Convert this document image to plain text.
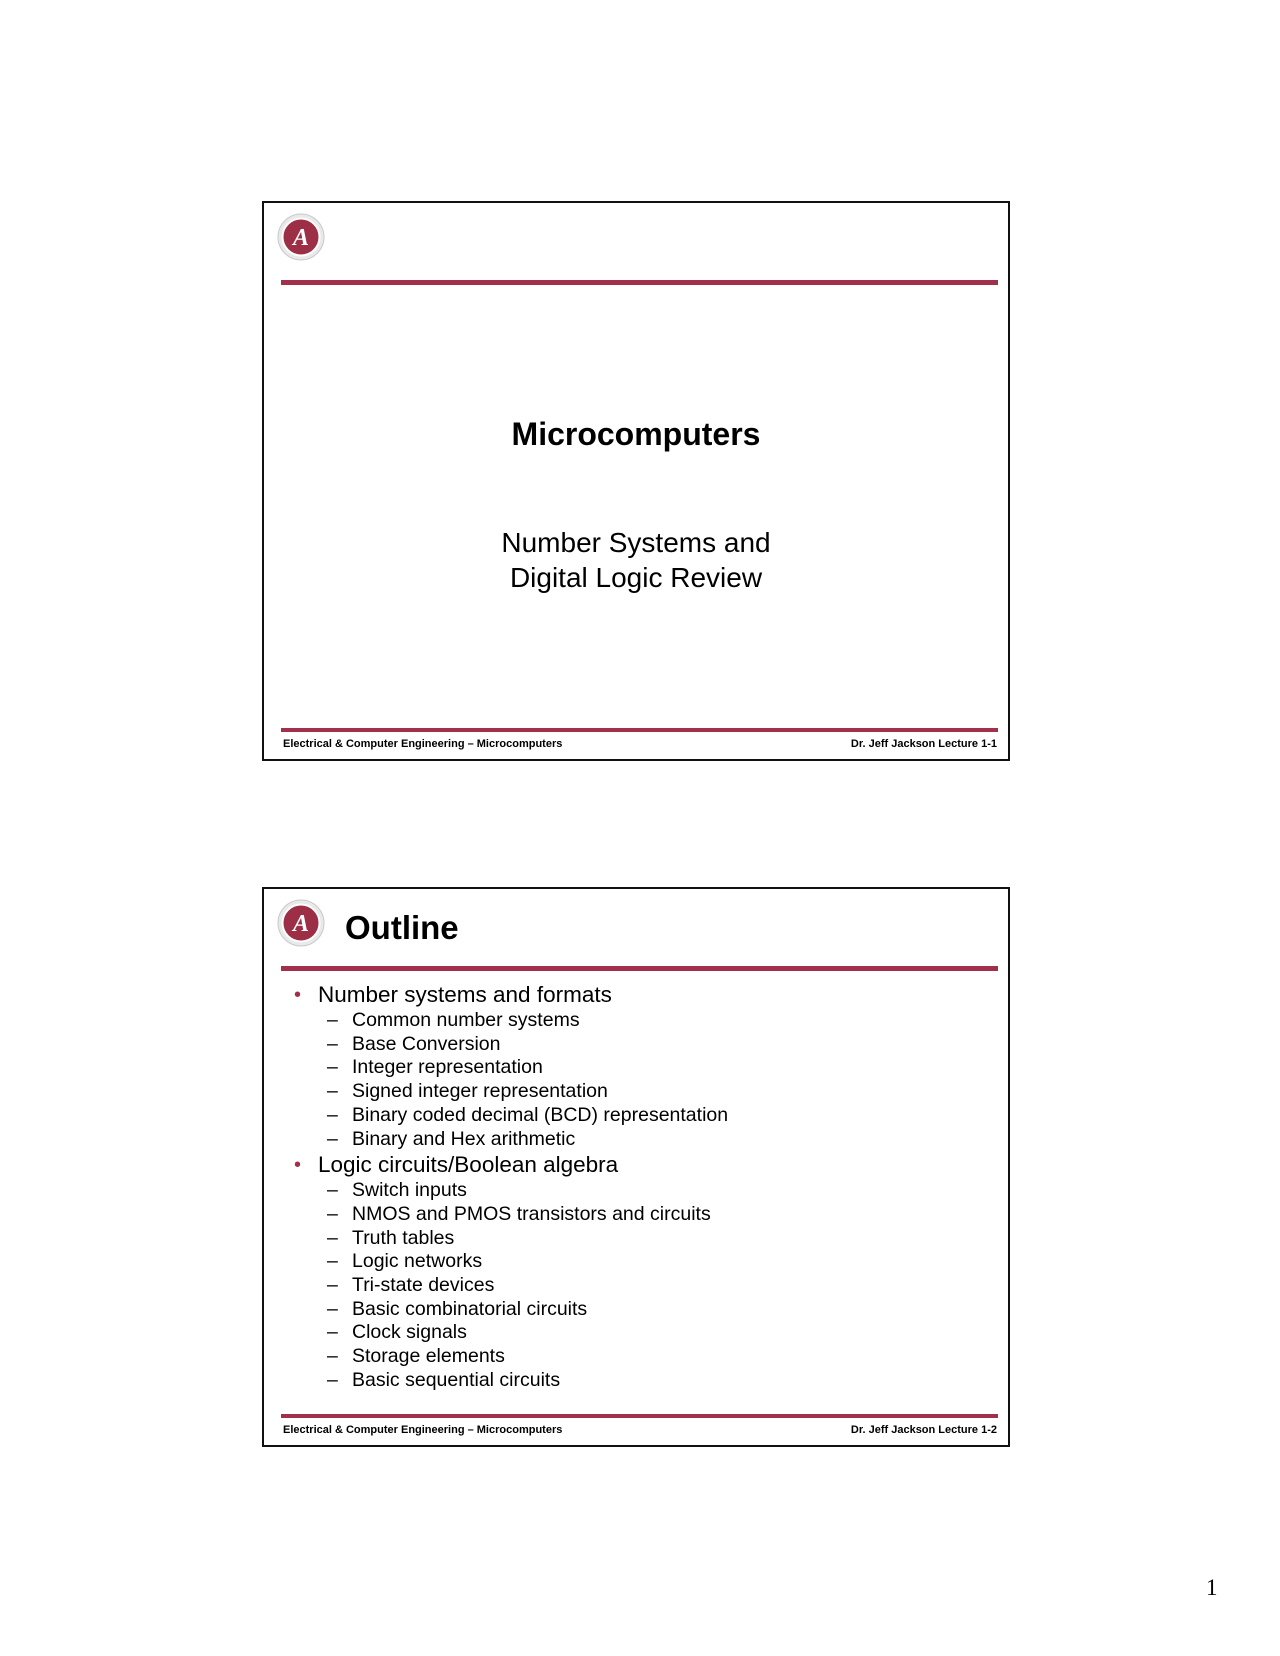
A
Microcomputers
Number Systems and
Digital Logic Review
Electrical & Computer Engineering – Microcomputers	Dr. Jeff Jackson Lecture 1-1
A Outline
• Number systems and formats
– Common number systems
– Base Conversion
– Integer representation
– Signed integer representation
– Binary coded decimal (BCD) representation
– Binary and Hex arithmetic
• Logic circuits/Boolean algebra
– Switch inputs
– NMOS and PMOS transistors and circuits
– Truth tables
– Logic networks
– Tri-state devices
– Basic combinatorial circuits
– Clock signals
– Storage elements
– Basic sequential circuits
Electrical & Computer Engineering – Microcomputers	Dr. Jeff Jackson Lecture 1-2
1
